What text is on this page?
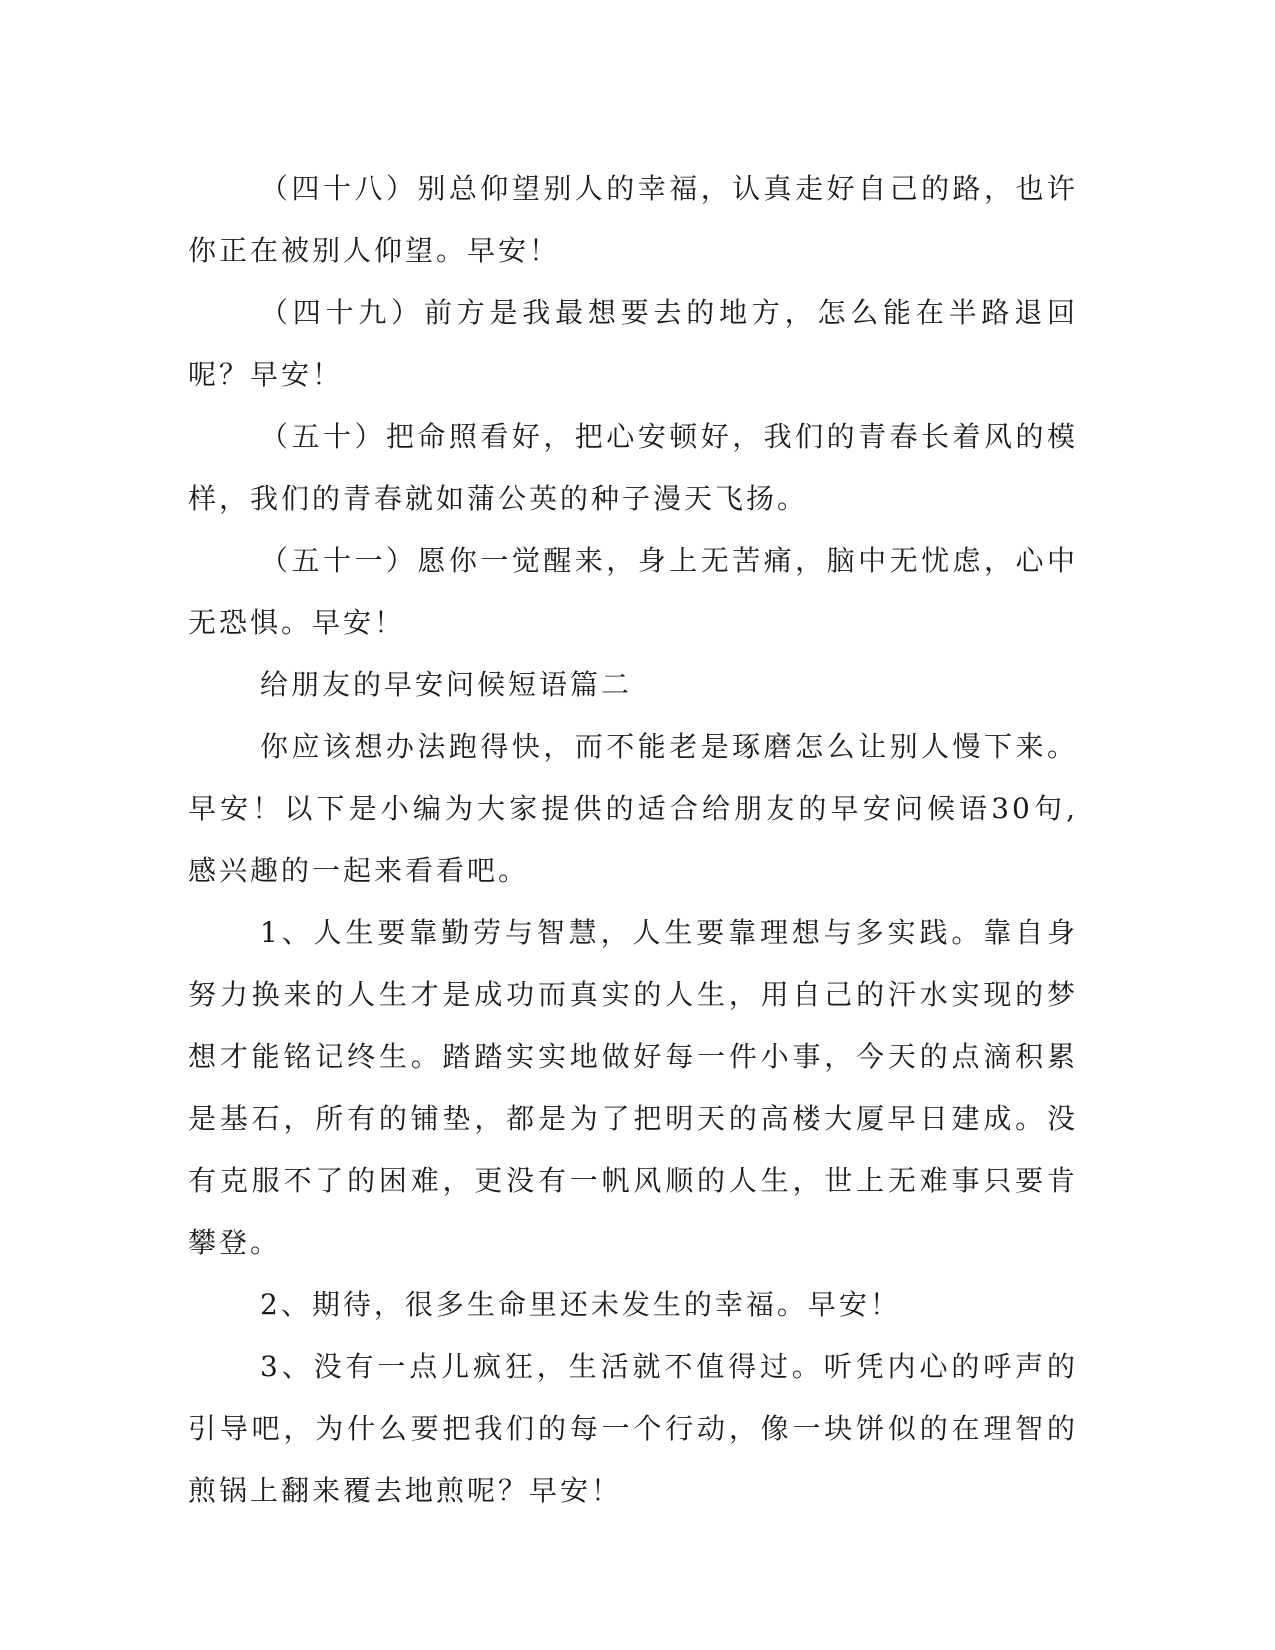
（四十八）别总仰望别人的幸福，认真走好自己的路，也许你正在被别人仰望。早安！

（四十九）前方是我最想要去的地方，怎么能在半路退回呢？早安！

（五十）把命照看好，把心安顿好，我们的青春长着风的模样，我们的青春就如蒲公英的种子漫天飞扬。

（五十一）愿你一觉醒来，身上无苦痛，脑中无忧虑，心中无恐惧。早安！

给朋友的早安问候短语篇二

你应该想办法跑得快，而不能老是琢磨怎么让别人慢下来。早安！以下是小编为大家提供的适合给朋友的早安问候语30句,感兴趣的一起来看看吧。

1、人生要靠勤劳与智慧，人生要靠理想与多实践。靠自身努力换来的人生才是成功而真实的人生，用自己的汗水实现的梦想才能铭记终生。踏踏实实地做好每一件小事，今天的点滴积累是基石，所有的铺垫，都是为了把明天的高楼大厦早日建成。没有克服不了的困难，更没有一帆风顺的人生，世上无难事只要肯攀登。

2、期待，很多生命里还未发生的幸福。早安！

3、没有一点儿疯狂，生活就不值得过。听凭内心的呼声的引导吧，为什么要把我们的每一个行动，像一块饼似的在理智的煎锅上翻来覆去地煎呢？早安！
